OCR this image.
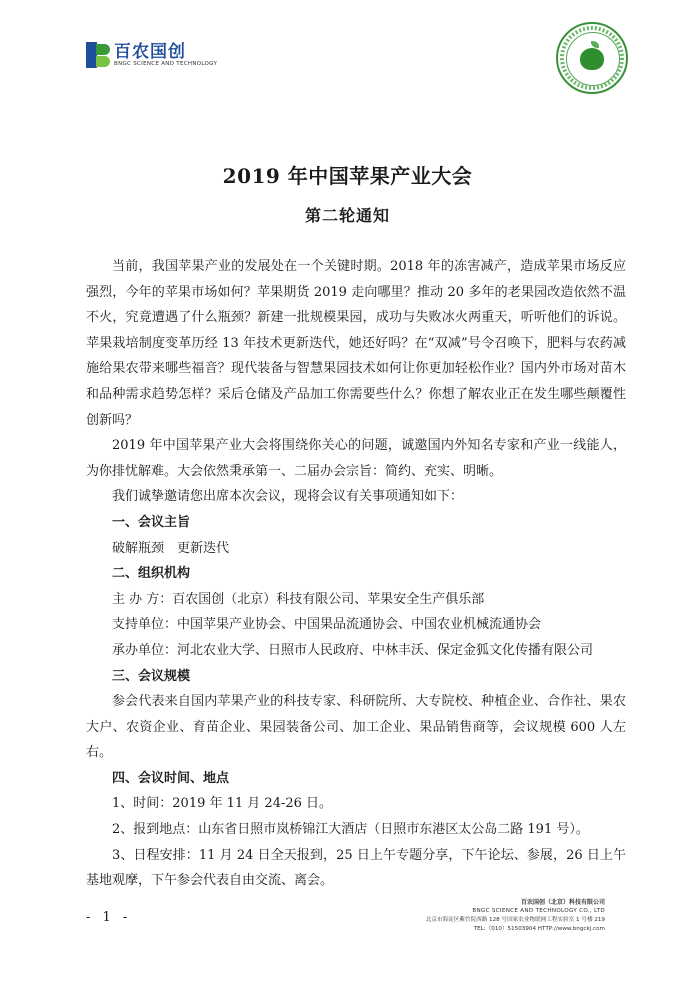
百农国创
BNGC SCIENCE AND TECHNOLOGY
2019 年中国苹果产业大会
第二轮通知

当前，我国苹果产业的发展处在一个关键时期。2018 年的冻害减产，造成苹果市场反应强烈，今年的苹果市场如何？苹果期货 2019 走向哪里？推动 20 多年的老果园改造依然不温不火，究竟遭遇了什么瓶颈？新建一批规模果园，成功与失败冰火两重天，听听他们的诉说。苹果栽培制度变革历经 13 年技术更新迭代，她还好吗？在“双减”号令召唤下，肥料与农药减施给果农带来哪些福音？现代装备与智慧果园技术如何让你更加轻松作业？国内外市场对苗木和品种需求趋势怎样？采后仓储及产品加工你需要些什么？你想了解农业正在发生哪些颠覆性创新吗？

2019 年中国苹果产业大会将围绕你关心的问题，诚邀国内外知名专家和产业一线能人，为你排忧解难。大会依然秉承第一、二届办会宗旨：简约、充实、明晰。

我们诚挚邀请您出席本次会议，现将会议有关事项通知如下：

一、会议主旨

破解瓶颈　更新迭代

二、组织机构

主 办 方：百农国创（北京）科技有限公司、苹果安全生产俱乐部

支持单位：中国苹果产业协会、中国果品流通协会、中国农业机械流通协会

承办单位：河北农业大学、日照市人民政府、中林丰沃、保定金狐文化传播有限公司

三、会议规模

参会代表来自国内苹果产业的科技专家、科研院所、大专院校、种植企业、合作社、果农大户、农资企业、育苗企业、果园装备公司、加工企业、果品销售商等，会议规模 600 人左右。

四、会议时间、地点

1、时间：2019 年 11 月 24-26 日。

2、报到地点：山东省日照市岚桥锦江大酒店（日照市东港区太公岛二路 191 号）。

3、日程安排：11 月 24 日全天报到，25 日上午专题分享，下午论坛、参展，26 日上午基地观摩，下午参会代表自由交流、离会。

- 1 -
百农国创（北京）科技有限公司
BNGC SCIENCE AND TECHNOLOGY CO., LTD
北京市海淀区紫竹院西路 128 号国家农业物联网工程实验室 1 号楼 219
TEL:（010）51503904 HTTP://www.bngckj.com
